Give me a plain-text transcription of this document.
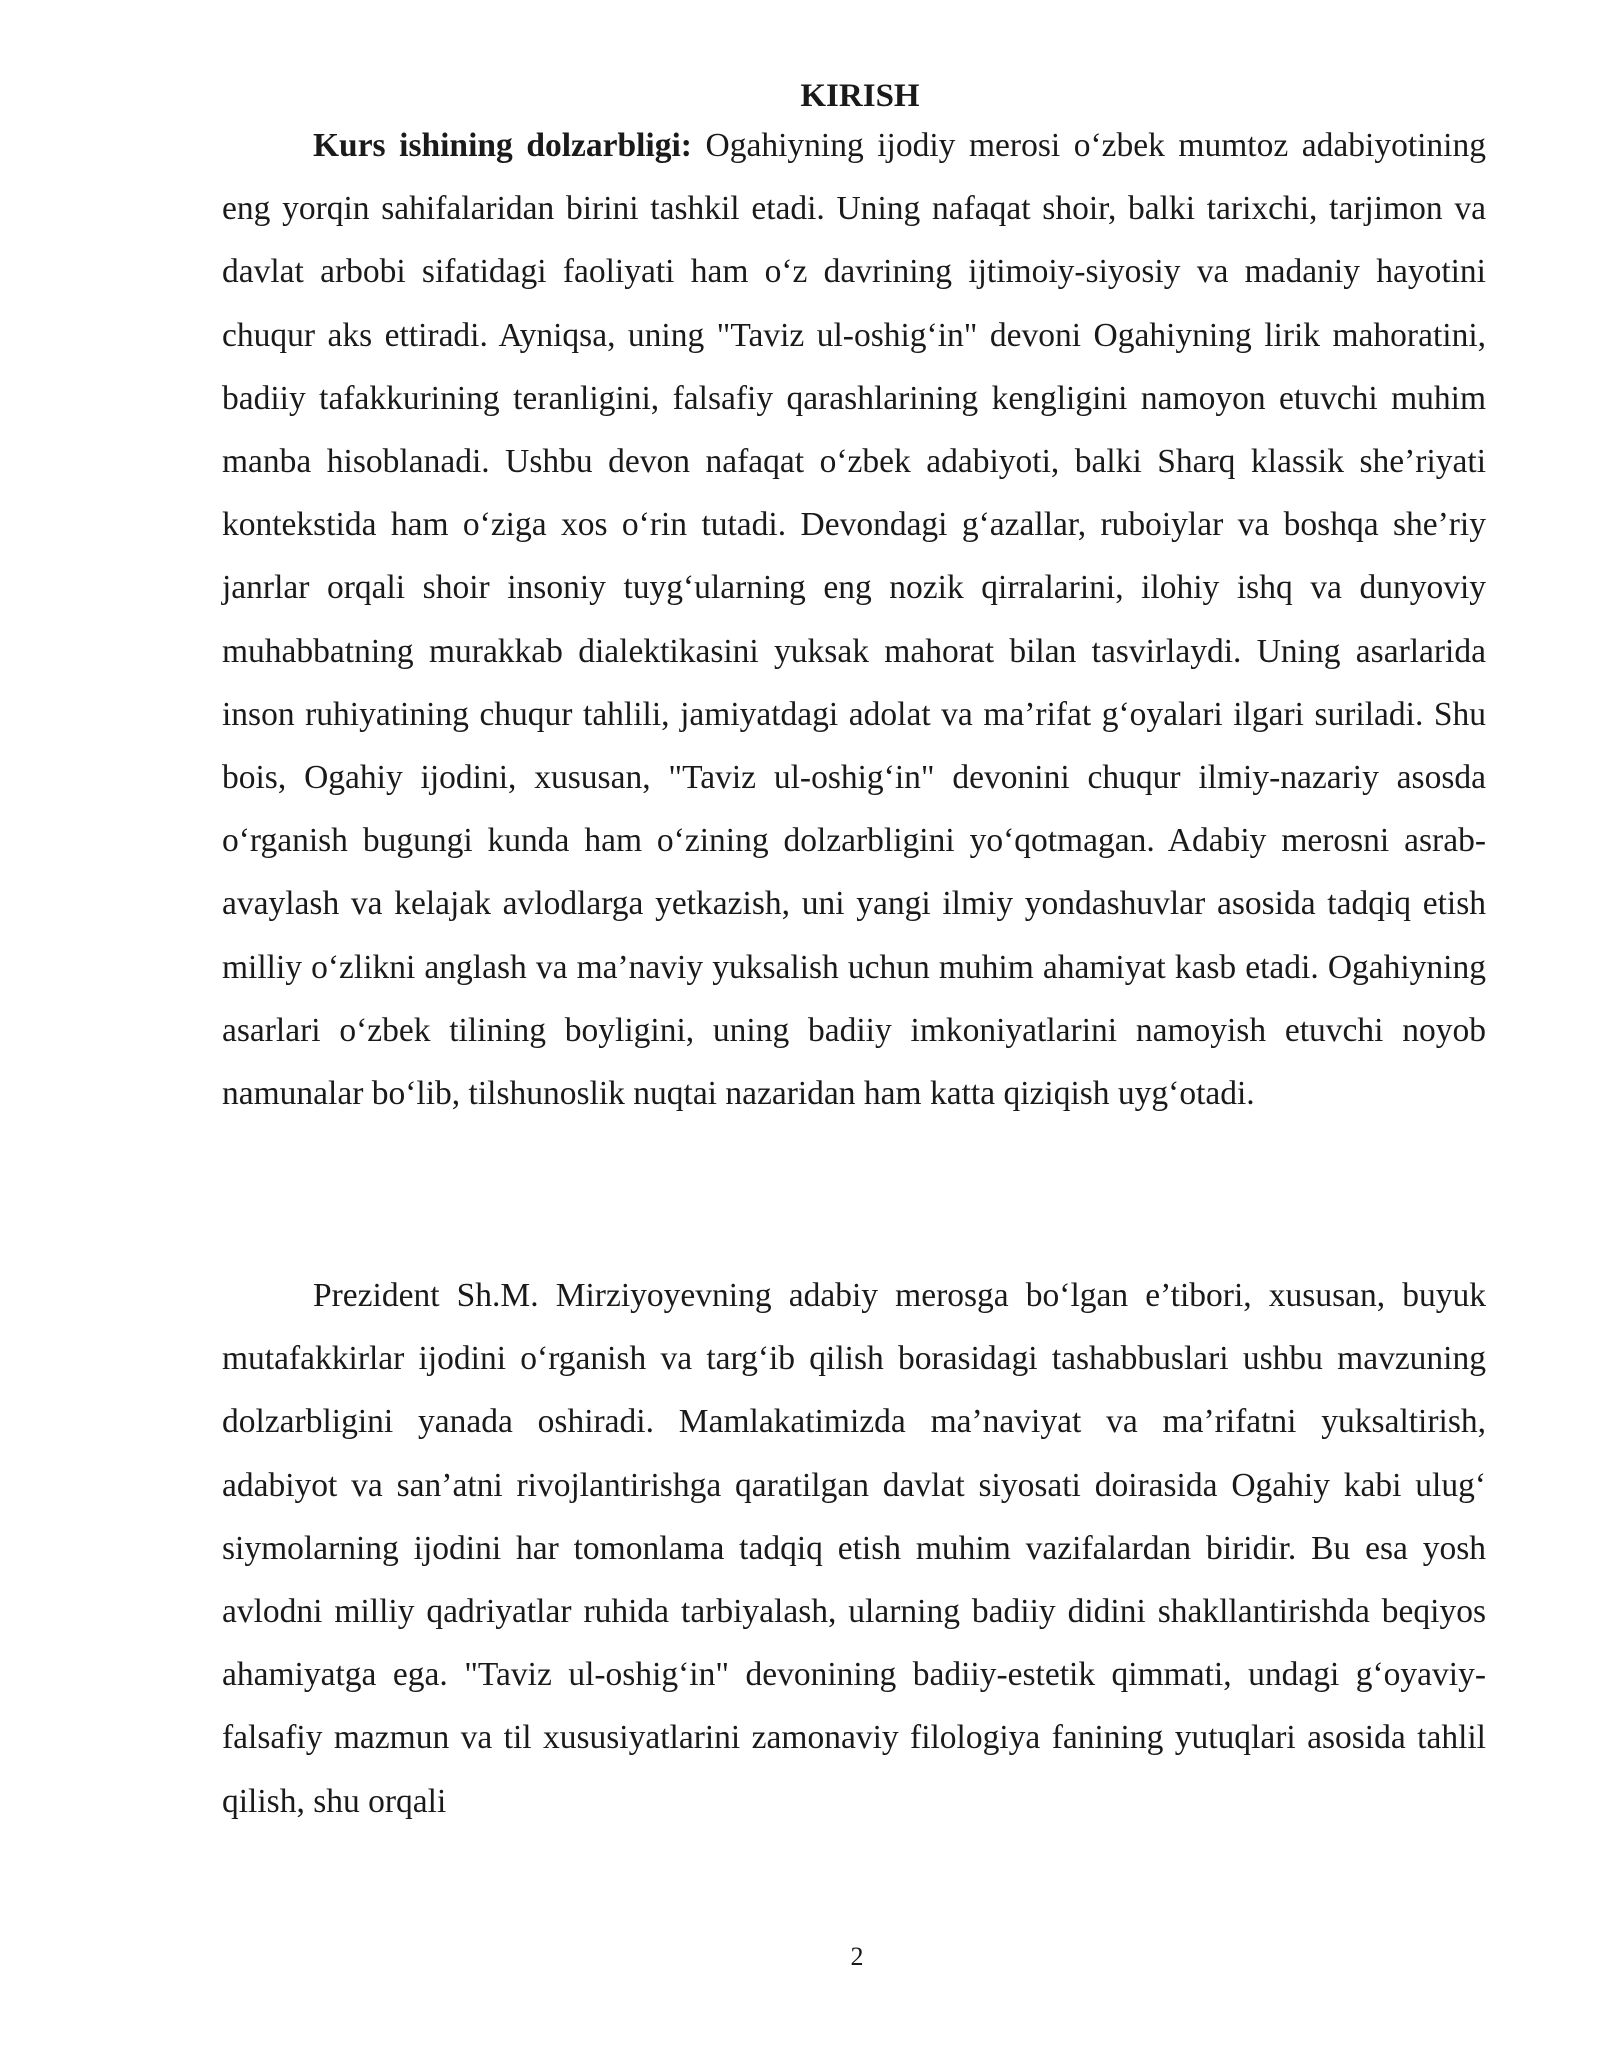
KIRISH

Kurs ishining dolzarbligi: Ogahiyning ijodiy merosi o‘zbek mumtoz adabiyotining eng yorqin sahifalaridan birini tashkil etadi. Uning nafaqat shoir, balki tarixchi, tarjimon va davlat arbobi sifatidagi faoliyati ham o‘z davrining ijtimoiy-siyosiy va madaniy hayotini chuqur aks ettiradi. Ayniqsa, uning "Taviz ul-oshig‘in" devoni Ogahiyning lirik mahoratini, badiiy tafakkurining teranligini, falsafiy qarashlarining kengligini namoyon etuvchi muhim manba hisoblanadi. Ushbu devon nafaqat o‘zbek adabiyoti, balki Sharq klassik she’riyati kontekstida ham o‘ziga xos o‘rin tutadi. Devondagi g‘azallar, ruboiylar va boshqa she’riy janrlar orqali shoir insoniy tuyg‘ularning eng nozik qirralarini, ilohiy ishq va dunyoviy muhabbatning murakkab dialektikasini yuksak mahorat bilan tasvirlaydi. Uning asarlarida inson ruhiyatining chuqur tahlili, jamiyatdagi adolat va ma’rifat g‘oyalari ilgari suriladi. Shu bois, Ogahiy ijodini, xususan, "Taviz ul-oshig‘in" devonini chuqur ilmiy-nazariy asosda o‘rganish bugungi kunda ham o‘zining dolzarbligini yo‘qotmagan. Adabiy merosni asrab-avaylash va kelajak avlodlarga yetkazish, uni yangi ilmiy yondashuvlar asosida tadqiq etish milliy o‘zlikni anglash va ma’naviy yuksalish uchun muhim ahamiyat kasb etadi. Ogahiyning asarlari o‘zbek tilining boyligini, uning badiiy imkoniyatlarini namoyish etuvchi noyob namunalar bo‘lib, tilshunoslik nuqtai nazaridan ham katta qiziqish uyg‘otadi.

Prezident Sh.M. Mirziyoyevning adabiy merosga bo‘lgan e’tibori, xususan, buyuk mutafakkirlar ijodini o‘rganish va targ‘ib qilish borasidagi tashabbuslari ushbu mavzuning dolzarbligini yanada oshiradi. Mamlakatimizda ma’naviyat va ma’rifatni yuksaltirish, adabiyot va san’atni rivojlantirishga qaratilgan davlat siyosati doirasida Ogahiy kabi ulug‘ siymolarning ijodini har tomonlama tadqiq etish muhim vazifalardan biridir. Bu esa yosh avlodni milliy qadriyatlar ruhida tarbiyalash, ularning badiiy didini shakllantirishda beqiyos ahamiyatga ega. "Taviz ul-oshig‘in" devonining badiiy-estetik qimmati, undagi g‘oyaviy-falsafiy mazmun va til xususiyatlarini zamonaviy filologiya fanining yutuqlari asosida tahlil qilish, shu orqali

2
